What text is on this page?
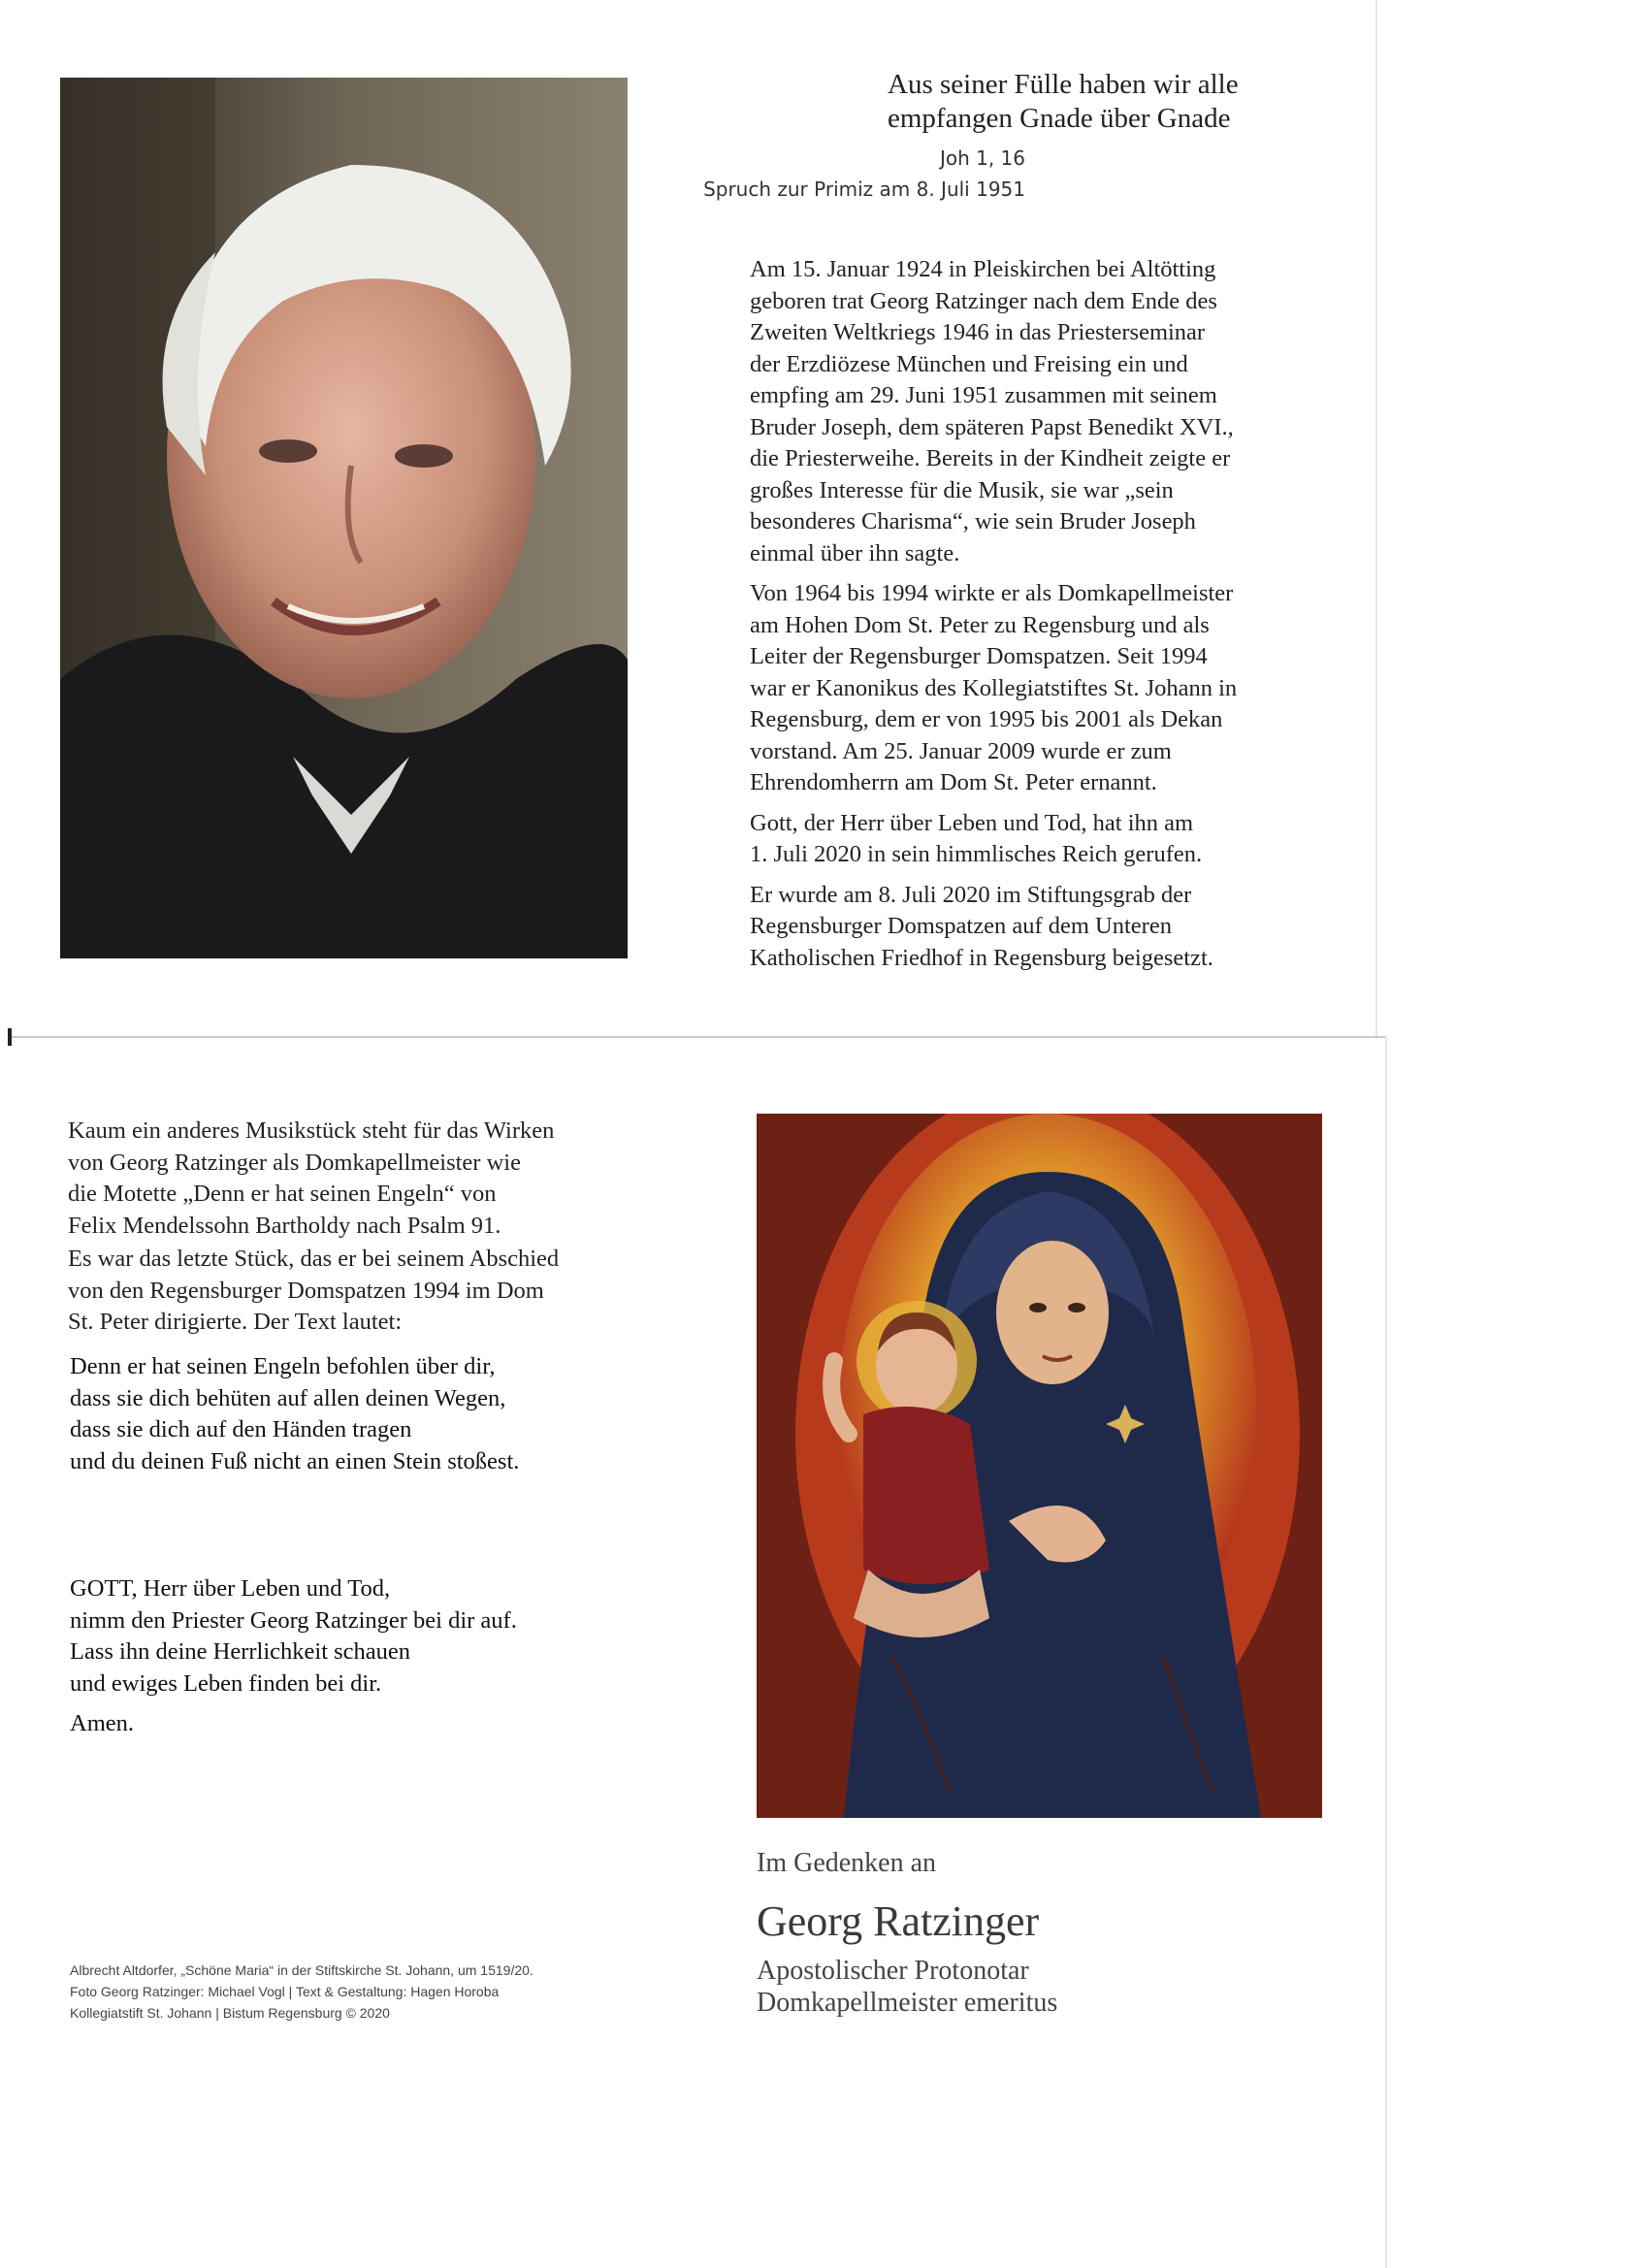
Aus seiner Fülle haben wir alle
empfangen Gnade über Gnade
Joh 1, 16
Spruch zur Primiz am 8. Juli 1951

Am 15. Januar 1924 in Pleiskirchen bei Altötting
geboren trat Georg Ratzinger nach dem Ende des
Zweiten Weltkriegs 1946 in das Priesterseminar
der Erzdiözese München und Freising ein und
empfing am 29. Juni 1951 zusammen mit seinem
Bruder Joseph, dem späteren Papst Benedikt XVI.,
die Priesterweihe. Bereits in der Kindheit zeigte er
großes Interesse für die Musik, sie war „sein
besonderes Charisma“, wie sein Bruder Joseph
einmal über ihn sagte.

Von 1964 bis 1994 wirkte er als Domkapellmeister
am Hohen Dom St. Peter zu Regensburg und als
Leiter der Regensburger Domspatzen. Seit 1994
war er Kanonikus des Kollegiatstiftes St. Johann in
Regensburg, dem er von 1995 bis 2001 als Dekan
vorstand. Am 25. Januar 2009 wurde er zum
Ehrendomherrn am Dom St. Peter ernannt.

Gott, der Herr über Leben und Tod, hat ihn am
1. Juli 2020 in sein himmlisches Reich gerufen.

Er wurde am 8. Juli 2020 im Stiftungsgrab der
Regensburger Domspatzen auf dem Unteren
Katholischen Friedhof in Regensburg beigesetzt.

Kaum ein anderes Musikstück steht für das Wirken
von Georg Ratzinger als Domkapellmeister wie
die Motette „Denn er hat seinen Engeln“ von
Felix Mendelssohn Bartholdy nach Psalm 91.

Es war das letzte Stück, das er bei seinem Abschied
von den Regensburger Domspatzen 1994 im Dom
St. Peter dirigierte. Der Text lautet:

Denn er hat seinen Engeln befohlen über dir,
dass sie dich behüten auf allen deinen Wegen,
dass sie dich auf den Händen tragen
und du deinen Fuß nicht an einen Stein stoßest.
GOTT, Herr über Leben und Tod,
nimm den Priester Georg Ratzinger bei dir auf.
Lass ihn deine Herrlichkeit schauen
und ewiges Leben finden bei dir.
Amen.
Albrecht Altdorfer, „Schöne Maria“ in der Stiftskirche St. Johann, um 1519/20.
Foto Georg Ratzinger: Michael Vogl | Text & Gestaltung: Hagen Horoba
Kollegiatstift St. Johann | Bistum Regensburg © 2020
Im Gedenken an
Georg Ratzinger
Apostolischer Protonotar
Domkapellmeister emeritus
